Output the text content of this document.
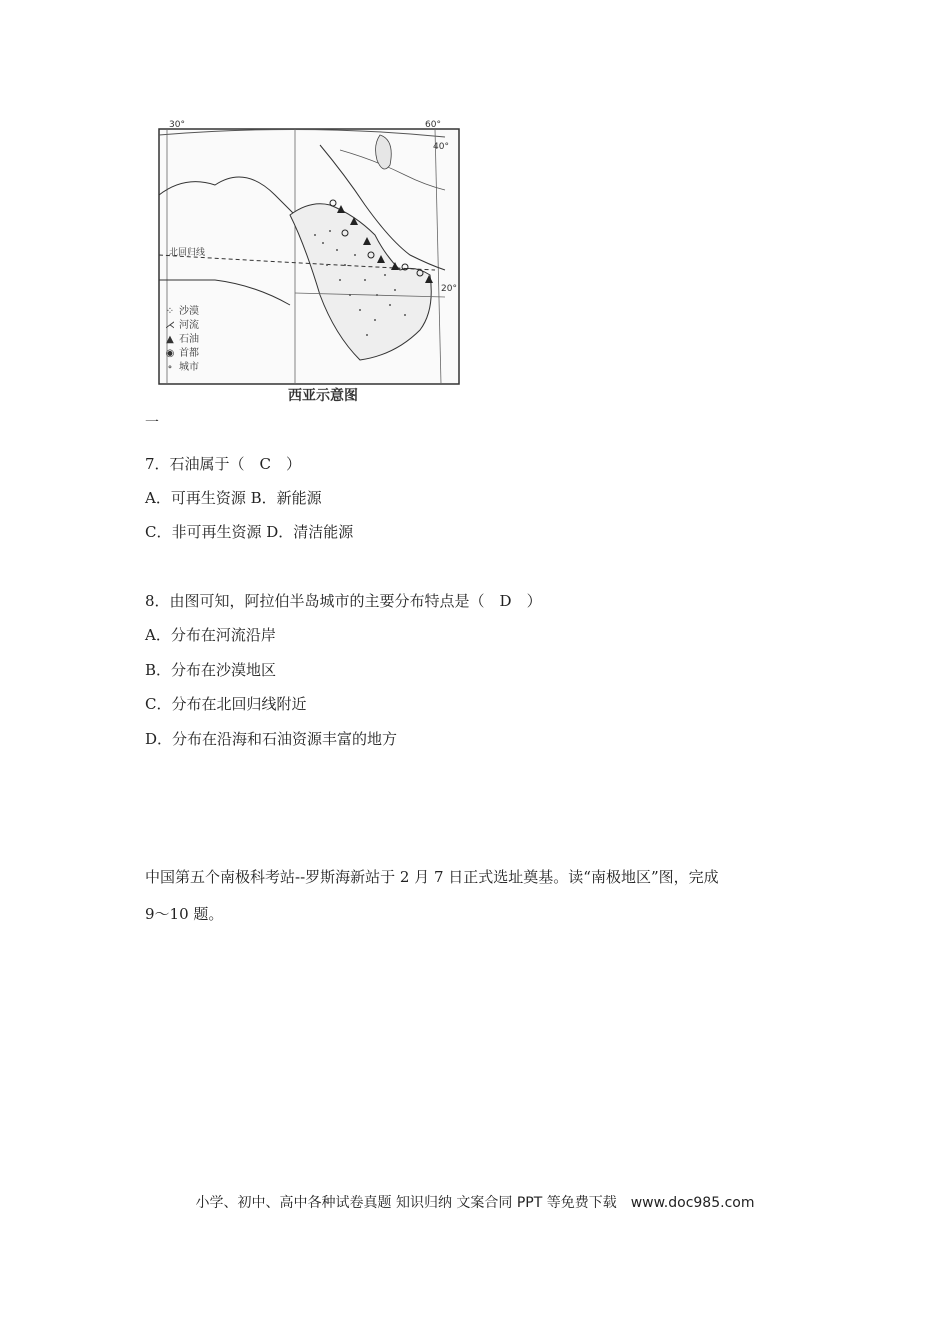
北回归线
30°	60°
40°
20°
⁘ 沙漠
⋌ 河流
▲ 石油
◉ 首都
∘ 城市
西亚示意图
一
7．石油属于（　C　）
A．可再生资源 B．新能源
C．非可再生资源 D．清洁能源
8．由图可知，阿拉伯半岛城市的主要分布特点是（　D　）
A．分布在河流沿岸
B．分布在沙漠地区
C．分布在北回归线附近
D．分布在沿海和石油资源丰富的地方
中国第五个南极科考站--罗斯海新站于 2 月 7 日正式选址奠基。读“南极地区”图，完成
9～10 题。
小学、初中、高中各种试卷真题 知识归纳 文案合同 PPT 等免费下载　www.doc985.com
